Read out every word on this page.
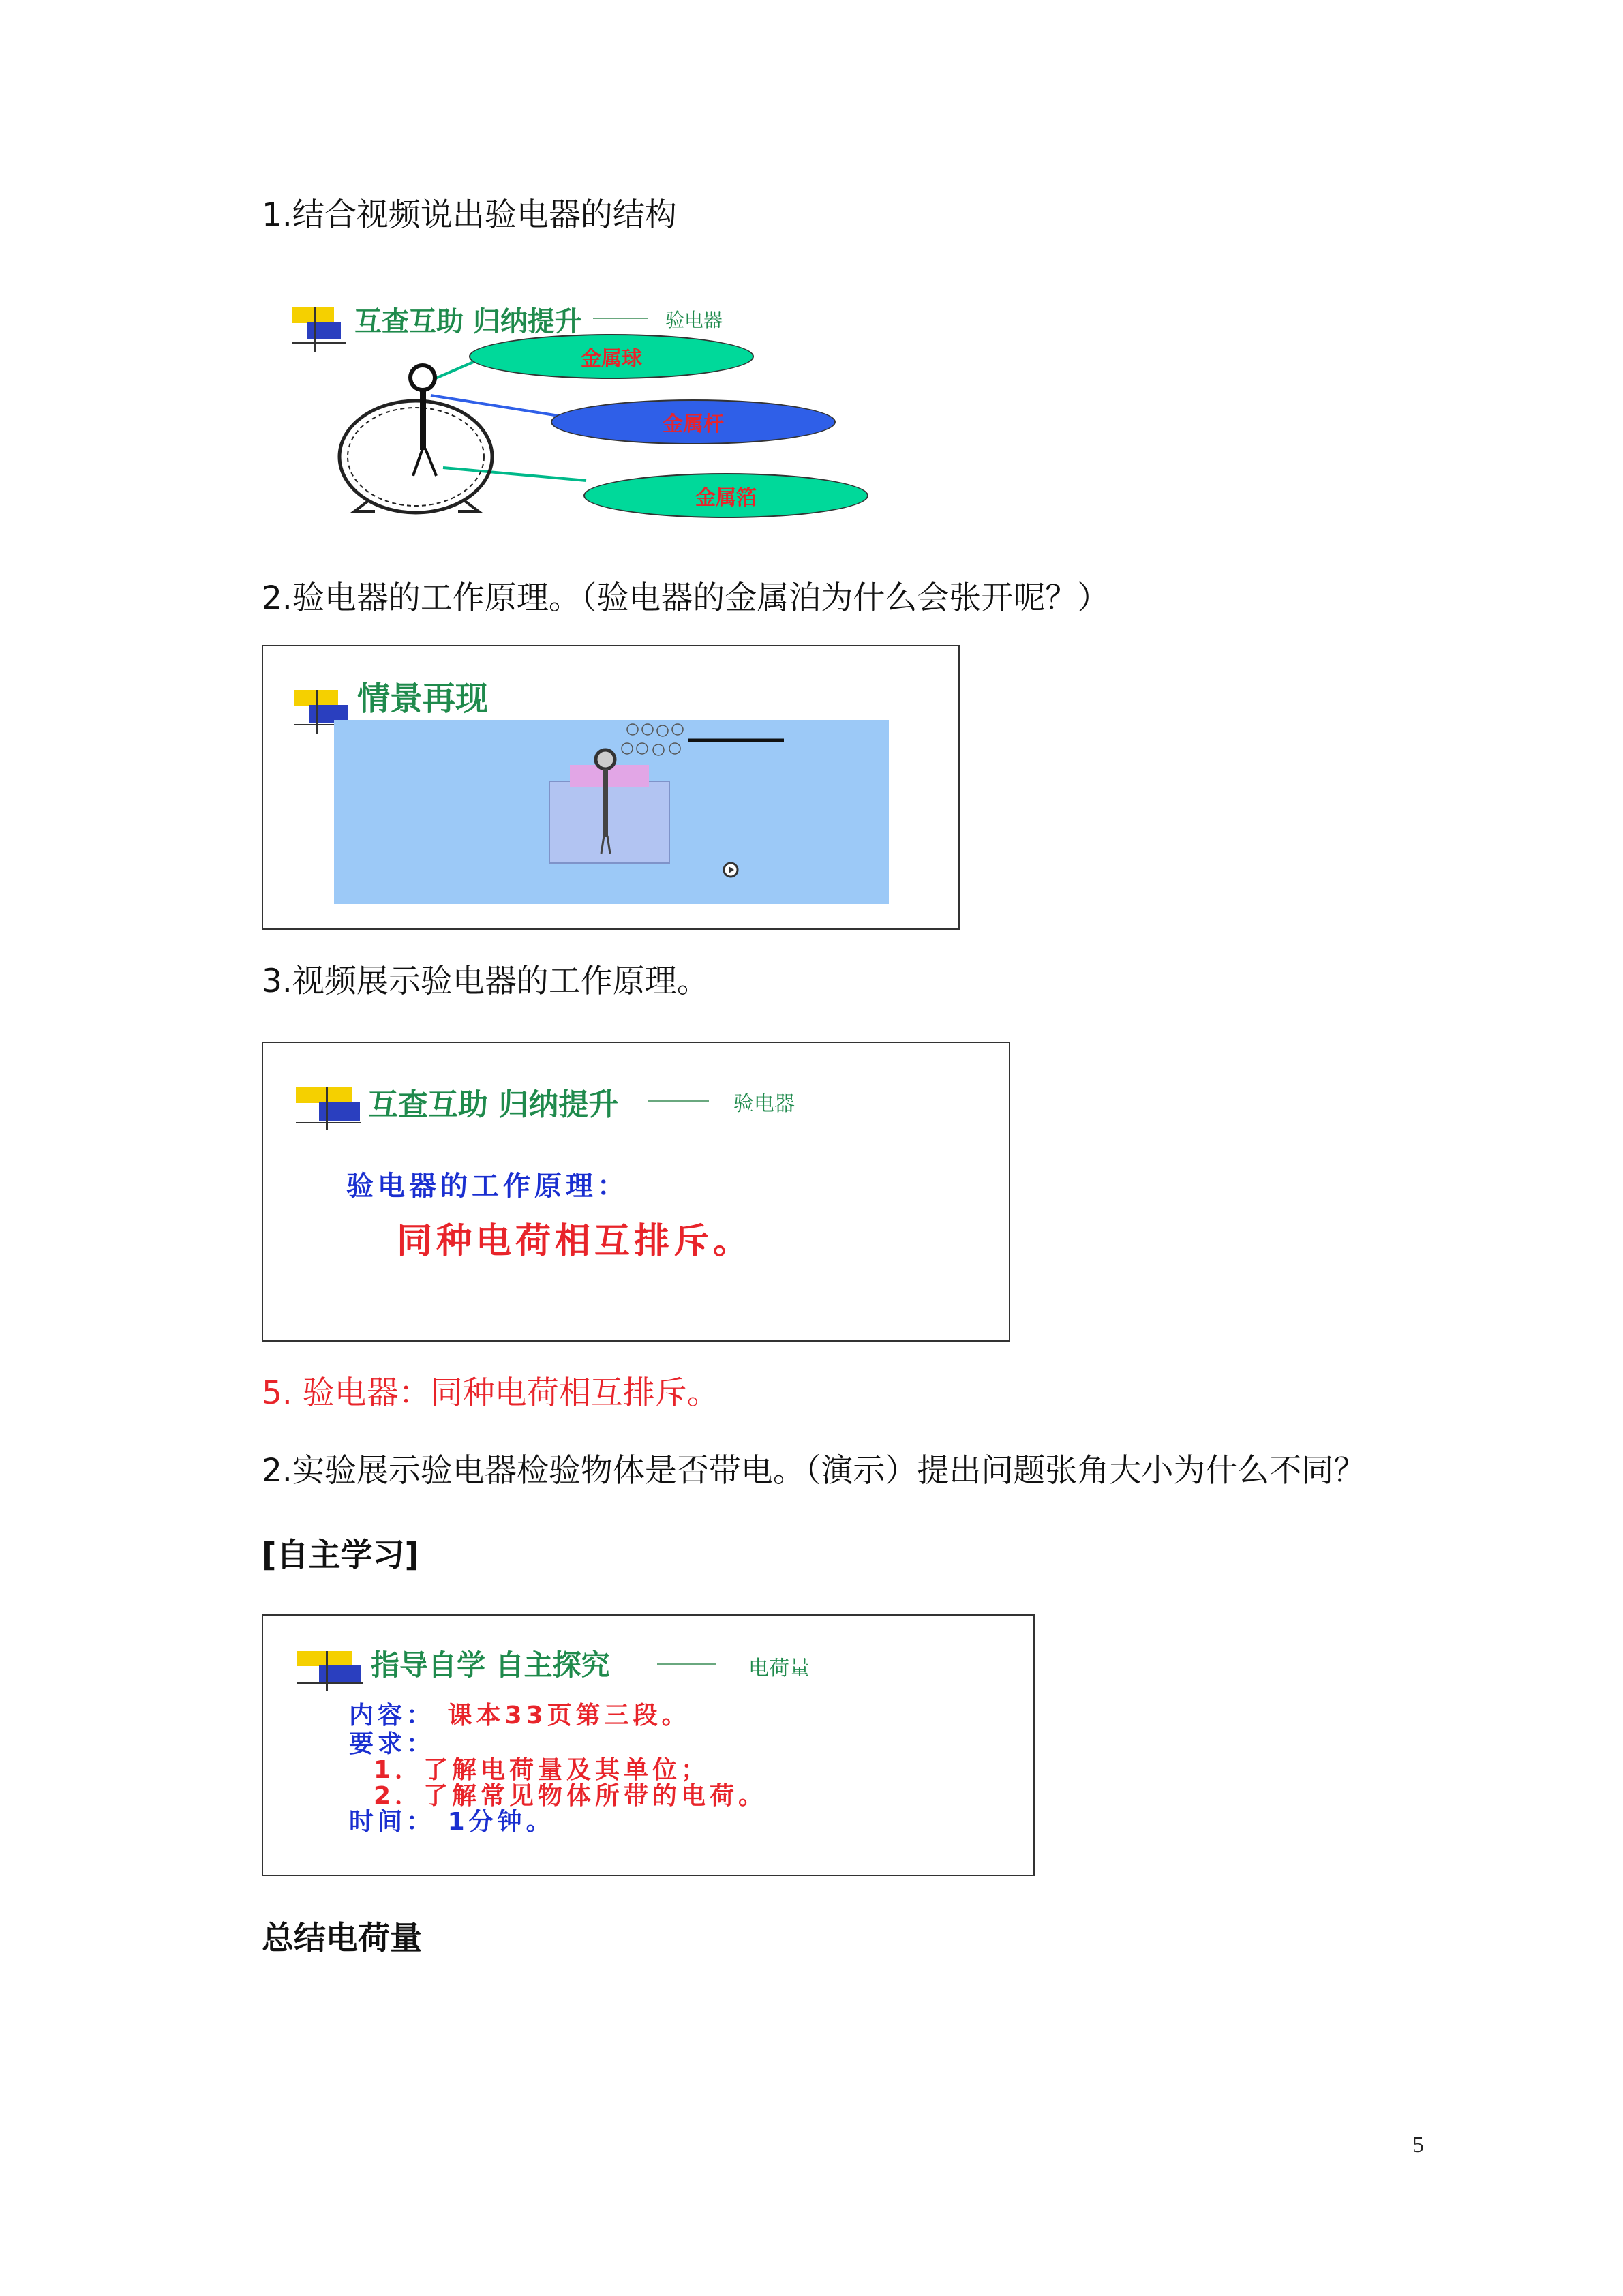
1.结合视频说出验电器的结构
互查互助 归纳提升	验电器
金属球
金属杆
金属箔
2.验电器的工作原理。（验电器的金属泊为什么会张开呢？）
情景再现
3.视频展示验电器的工作原理。
互查互助 归纳提升	验电器
验电器的工作原理：
同种电荷相互排斥。
5. 验电器：同种电荷相互排斥。
2.实验展示验电器检验物体是否带电。（演示）提出问题张角大小为什么不同？
[自主学习]
指导自学 自主探究	电荷量
内容： 课本33页第三段。
要求：
1．了解电荷量及其单位；
2．了解常见物体所带的电荷。
时间： 1分钟。
总结电荷量
5
